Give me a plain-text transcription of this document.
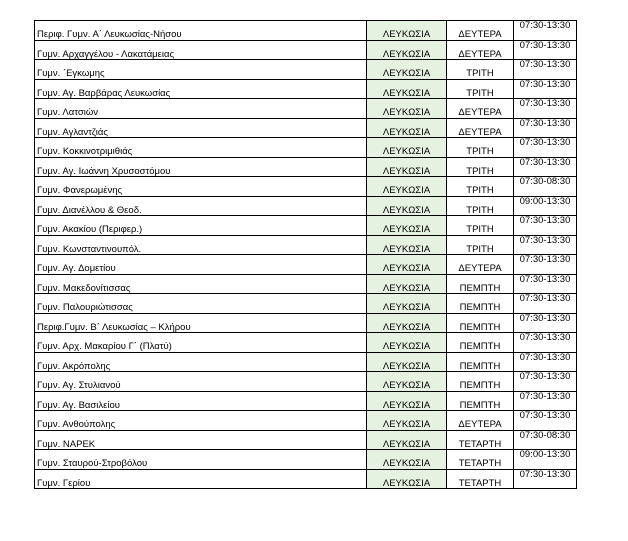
Περιφ. Γυμν. Α΄ Λευκωσίας-Νήσου	ΛΕΥΚΩΣΙΑ	ΔΕΥΤΕΡΑ	07:30-13:30
Γυμν. Αρχαγγέλου - Λακατάμειας	ΛΕΥΚΩΣΙΑ	ΔΕΥΤΕΡΑ	07:30-13:30
Γυμν. ΄Εγκωμης	ΛΕΥΚΩΣΙΑ	ΤΡΙΤΗ	07:30-13:30
Γυμν. Αγ. Βαρβάρας Λευκωσίας	ΛΕΥΚΩΣΙΑ	ΤΡΙΤΗ	07:30-13:30
Γυμν. Λατσιών	ΛΕΥΚΩΣΙΑ	ΔΕΥΤΕΡΑ	07:30-13:30
Γυμν. Αγλαντζιάς	ΛΕΥΚΩΣΙΑ	ΔΕΥΤΕΡΑ	07:30-13:30
Γυμν. Κοκκινοτριμιθιάς	ΛΕΥΚΩΣΙΑ	ΤΡΙΤΗ	07:30-13:30
Γυμν. Αγ. Ιωάννη Χρυσοστόμου	ΛΕΥΚΩΣΙΑ	ΤΡΙΤΗ	07:30-13:30
Γυμν. Φανερωμένης	ΛΕΥΚΩΣΙΑ	ΤΡΙΤΗ	07:30-08:30
Γυμν. Διανέλλου & Θεοδ.	ΛΕΥΚΩΣΙΑ	ΤΡΙΤΗ	09:00-13:30
Γυμν. Ακακίου (Περιφερ.)	ΛΕΥΚΩΣΙΑ	ΤΡΙΤΗ	07:30-13:30
Γυμν. Κωνσταντινουπόλ.	ΛΕΥΚΩΣΙΑ	ΤΡΙΤΗ	07:30-13:30
Γυμν. Αγ. Δομετίου	ΛΕΥΚΩΣΙΑ	ΔΕΥΤΕΡΑ	07:30-13:30
Γυμν. Μακεδονίτισσας	ΛΕΥΚΩΣΙΑ	ΠΕΜΠΤΗ	07:30-13:30
Γυμν. Παλουριώτισσας	ΛΕΥΚΩΣΙΑ	ΠΕΜΠΤΗ	07:30-13:30
Περιφ.Γυμν. Β΄ Λευκωσίας – Κλήρου	ΛΕΥΚΩΣΙΑ	ΠΕΜΠΤΗ	07:30-13:30
Γυμν. Αρχ. Μακαρίου Γ΄ (Πλατύ)	ΛΕΥΚΩΣΙΑ	ΠΕΜΠΤΗ	07:30-13:30
Γυμν. Ακρόπολης	ΛΕΥΚΩΣΙΑ	ΠΕΜΠΤΗ	07:30-13:30
Γυμν. Αγ. Στυλιανού	ΛΕΥΚΩΣΙΑ	ΠΕΜΠΤΗ	07:30-13:30
Γυμν. Αγ. Βασιλείου	ΛΕΥΚΩΣΙΑ	ΠΕΜΠΤΗ	07:30-13:30
Γυμν. Ανθούπολης	ΛΕΥΚΩΣΙΑ	ΔΕΥΤΕΡΑ	07:30-13:30
Γυμν. ΝΑΡΕΚ	ΛΕΥΚΩΣΙΑ	ΤΕΤΑΡΤΗ	07:30-08:30
Γυμν. Σταυρού-Στροβόλου	ΛΕΥΚΩΣΙΑ	ΤΕΤΑΡΤΗ	09:00-13:30
Γυμν. Γερίου	ΛΕΥΚΩΣΙΑ	ΤΕΤΑΡΤΗ	07:30-13:30
